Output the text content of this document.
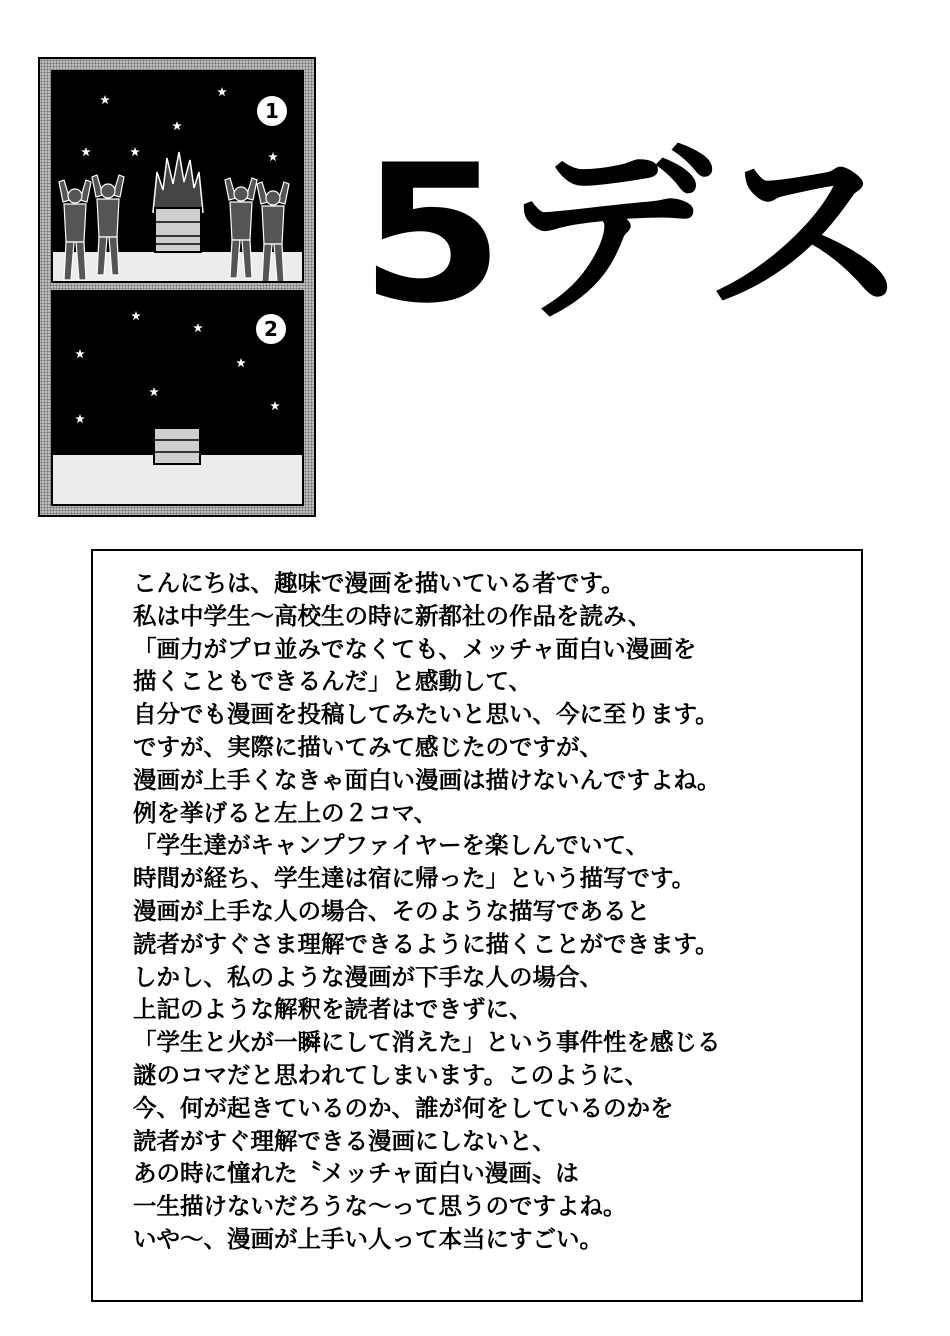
1
2 5デス
こんにちは、趣味で漫画を描いている者です。
私は中学生〜高校生の時に新都社の作品を読み、
「画力がプロ並みでなくても、メッチャ面白い漫画を
描くこともできるんだ」と感動して、
自分でも漫画を投稿してみたいと思い、今に至ります。
ですが、実際に描いてみて感じたのですが、
漫画が上手くなきゃ面白い漫画は描けないんですよね。
例を挙げると左上の２コマ、
「学生達がキャンプファイヤーを楽しんでいて、
時間が経ち、学生達は宿に帰った」という描写です。
漫画が上手な人の場合、そのような描写であると
読者がすぐさま理解できるように描くことができます。
しかし、私のような漫画が下手な人の場合、
上記のような解釈を読者はできずに、
「学生と火が一瞬にして消えた」という事件性を感じる
謎のコマだと思われてしまいます。このように、
今、何が起きているのか、誰が何をしているのかを
読者がすぐ理解できる漫画にしないと、
あの時に憧れた〝メッチャ面白い漫画〟は
一生描けないだろうな〜って思うのですよね。
いや〜、漫画が上手い人って本当にすごい。
